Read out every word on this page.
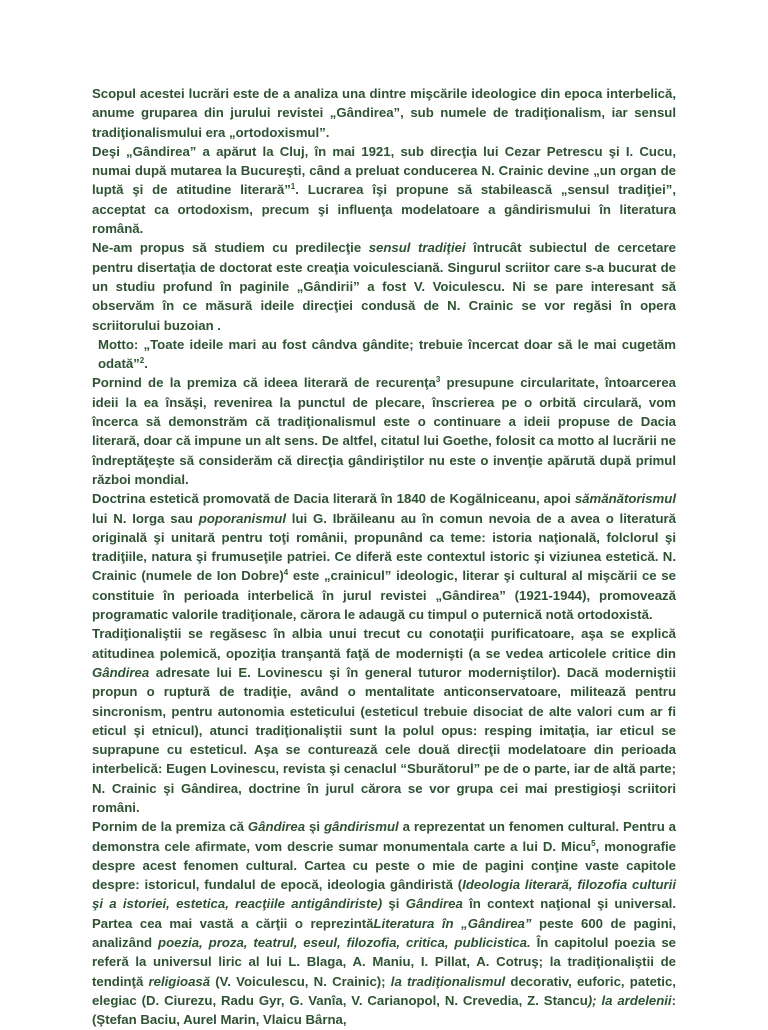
Scopul acestei lucrări este de a analiza una dintre mişcările ideologice din epoca interbelică, anume gruparea din jurului revistei „Gândirea”, sub numele de tradiţionalism, iar sensul tradiţionalismului era „ortodoxismul”.

Deşi „Gândirea” a apărut la Cluj, în mai 1921, sub direcţia lui Cezar Petrescu şi I. Cucu, numai după mutarea la Bucureşti, când a preluat conducerea N. Crainic devine „un organ de luptă şi de atitudine literară”$^1$. Lucrarea îşi propune să stabilească „sensul tradiţiei”, acceptat ca ortodoxism, precum şi influenţa modelatoare a gândirismului în literatura română.

Ne-am propus să studiem cu predilecţie sensul tradiţiei întrucât subiectul de cercetare pentru disertaţia de doctorat este creaţia voiculesciană. Singurul scriitor care s-a bucurat de un studiu profund în paginile „Gândirii” a fost V. Voiculescu. Ni se pare interesant să observăm în ce măsură ideile direcţiei condusă de N. Crainic se vor regăsi în opera scriitorului buzoian .

Motto: „Toate ideile mari au fost cândva gândite; trebuie încercat doar să le mai cugetăm odată”$^2$.

Pornind de la premiza că ideea literară de recurenţa$^3$ presupune circularitate, întoarcerea ideii la ea însăşi, revenirea la punctul de plecare, înscrierea pe o orbită circulară, vom încerca să demonstrăm că tradiţionalismul este o continuare a ideii propuse de Dacia literară, doar că impune un alt sens. De altfel, citatul lui Goethe, folosit ca motto al lucrării ne îndreptăţeşte să considerăm că direcţia gândiriştilor nu este o invenţie apărută după primul război mondial.

Doctrina estetică promovată de Dacia literară în 1840 de Kogălniceanu, apoi sămănătorismul lui N. Iorga sau poporanismul lui G. Ibrăileanu au în comun nevoia de a avea o literatură originală şi unitară pentru toţi românii, propunând ca teme: istoria naţională, folclorul şi tradiţiile, natura şi frumuseţile patriei. Ce diferă este contextul istoric şi viziunea estetică. N. Crainic (numele de Ion Dobre)$^4$ este „crainicul” ideologic, literar şi cultural al mişcării ce se constituie în perioada interbelică în jurul revistei „Gândirea” (1921-1944), promovează programatic valorile tradiţionale, cărora le adaugă cu timpul o puternică notă ortodoxistă.

Tradiţionaliştii se regăsesc în albia unui trecut cu conotaţii purificatoare, aşa se explică atitudinea polemică, opoziţia tranşantă faţă de modernişti (a se vedea articolele critice din Gândirea adresate lui E. Lovinescu şi în general tuturor moderniştilor). Dacă moderniştii propun o ruptură de tradiţie, având o mentalitate anticonservatoare, militează pentru sincronism, pentru autonomia esteticului (esteticul trebuie disociat de alte valori cum ar fi eticul şi etnicul), atunci tradiţionaliştii sunt la polul opus: resping imitaţia, iar eticul se suprapune cu esteticul. Aşa se conturează cele două direcţii modelatoare din perioada interbelică: Eugen Lovinescu, revista şi cenaclul “Sburătorul” pe de o parte, iar de altă parte; N. Crainic şi Gândirea, doctrine în jurul cărora se vor grupa cei mai prestigioşi scriitori români.

Pornim de la premiza că Gândirea şi gândirismul a reprezentat un fenomen cultural. Pentru a demonstra cele afirmate, vom descrie sumar monumentala carte a lui D. Micu$^5$, monografie despre acest fenomen cultural. Cartea cu peste o mie de pagini conţine vaste capitole despre: istoricul, fundalul de epocă, ideologia gândiristă (Ideologia literară, filozofia culturii şi a istoriei, estetica, reacţiile antigândiriste) şi Gândirea în context naţional şi universal. Partea cea mai vastă a cărţii o reprezintăLiteratura în „Gândirea” peste 600 de pagini, analizând poezia, proza, teatrul, eseul, filozofia, critica, publicistica. În capitolul poezia se referă la universul liric al lui L. Blaga, A. Maniu, I. Pillat, A. Cotruş; la tradiţionaliştii de tendinţă religioasă (V. Voiculescu, N. Crainic); la tradiţionalismul decorativ, euforic, patetic, elegiac (D. Ciurezu, Radu Gyr, G. Vanîa, V. Carianopol, N. Crevedia, Z. Stancu); la ardelenii: (Ştefan Baciu, Aurel Marin, Vlaicu Bârna,
